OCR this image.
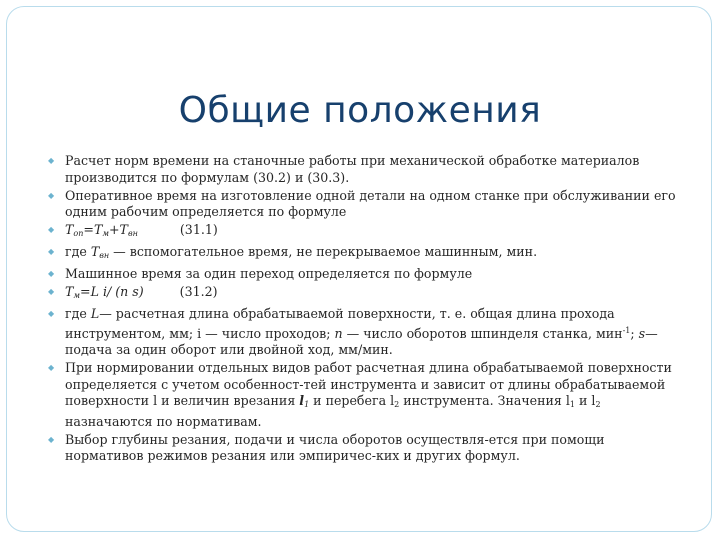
Общие положения
◆ Расчет норм времени на станочные работы при механической обработке материалов производится по формулам (30.2) и (30.3).
◆ Оперативное время на изготовление одной детали на одном станке при обслуживании его одним рабочим определяется по формуле
◆ $Т_{оп}=Т_м+Т_{вн}$	(31.1)
◆ где $Т_{вн}$ — вспомогательное время, не перекрываемое машинным, мин.
◆ Машинное время за один переход определяется по формуле
◆ $Т_м=L$ i/ (n s)	(31.2)
◆ где L— расчетная длина обрабатываемой поверхности, т. е. общая длина прохода инструментом, мм; i — число проходов; n — число оборотов шпинделя станка, мин$^{-1}$; s— подача за один оборот или двойной ход, мм/мин.
◆ При нормировании отдельных видов работ расчетная длина обрабатываемой поверхности определяется с учетом особенност-тей инструмента и зависит от длины обрабатываемой поверхности l и величин врезания $l_1$ и перебега $l_2$ инструмента. Значения $l_1$ и $l_2$ назначаются по нормативам.
◆ Выбор глубины резания, подачи и числа оборотов осуществля-ется при помощи нормативов режимов резания или эмпиричес-ких и других формул.
